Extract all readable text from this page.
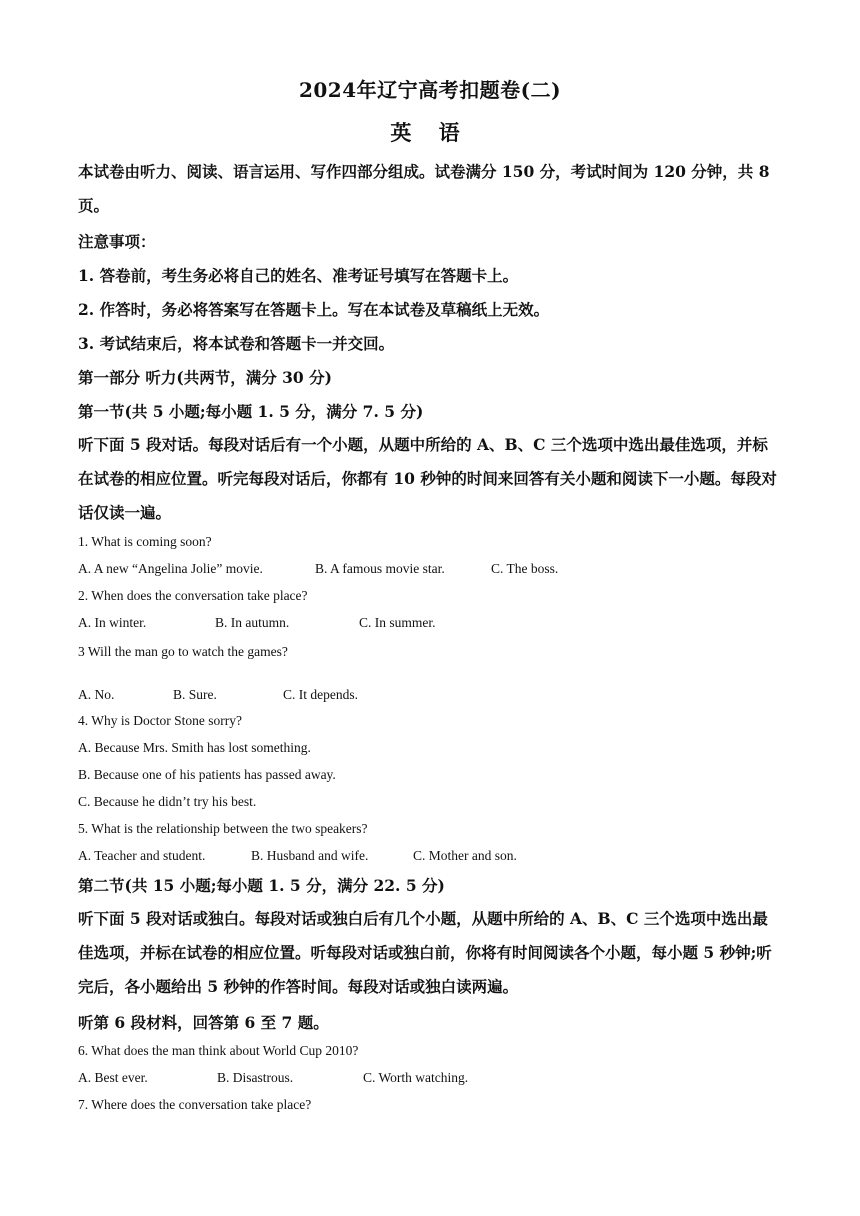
2024年辽宁高考扣题卷(二)
英 语
本试卷由听力、阅读、语言运用、写作四部分组成。试卷满分 150 分，考试时间为 120 分钟，共 8 页。
注意事项：
1. 答卷前，考生务必将自己的姓名、准考证号填写在答题卡上。
2. 作答时，务必将答案写在答题卡上。写在本试卷及草稿纸上无效。
3. 考试结束后，将本试卷和答题卡一并交回。
第一部分 听力(共两节，满分 30 分)
第一节(共 5 小题;每小题 1. 5 分，满分 7. 5 分)
听下面 5 段对话。每段对话后有一个小题，从题中所给的 A、B、C 三个选项中选出最佳选项，并标在试卷的相应位置。听完每段对话后，你都有 10 秒钟的时间来回答有关小题和阅读下一小题。每段对话仅读一遍。
1. What is coming soon?
A. A new “Angelina Jolie” movie.	B. A famous movie star.	C. The boss.
2. When does the conversation take place?
A. In winter.	B. In autumn.	C. In summer.
3 Will the man go to watch the games?
A. No.	B. Sure.	C. It depends.
4. Why is Doctor Stone sorry?
A. Because Mrs. Smith has lost something.
B. Because one of his patients has passed away.
C. Because he didn’t try his best.
5. What is the relationship between the two speakers?
A. Teacher and student.	B. Husband and wife.	C. Mother and son.
第二节(共 15 小题;每小题 1. 5 分，满分 22. 5 分)
听下面 5 段对话或独白。每段对话或独白后有几个小题，从题中所给的 A、B、C 三个选项中选出最佳选项，并标在试卷的相应位置。听每段对话或独白前，你将有时间阅读各个小题，每小题 5 秒钟;听完后，各小题给出 5 秒钟的作答时间。每段对话或独白读两遍。
听第 6 段材料，回答第 6 至 7 题。
6. What does the man think about World Cup 2010?
A. Best ever.	B. Disastrous.	C. Worth watching.
7. Where does the conversation take place?
